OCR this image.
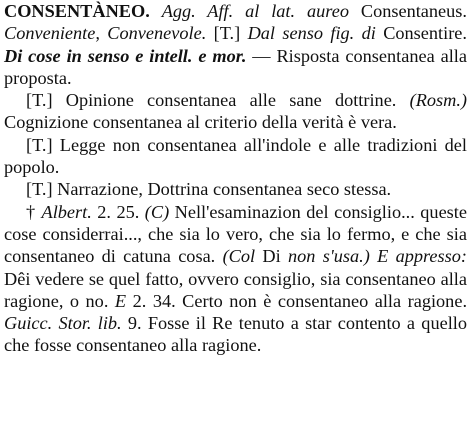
CONSENTÀNEO. Agg. Aff. al lat. aureo Consentaneus. Conveniente, Convenevole. [T.] Dal senso fig. di Consentire. Di cose in senso e intell. e mor. — Risposta consentanea alla proposta.

[T.] Opinione consentanea alle sane dottrine. (Rosm.) Cognizione consentanea al criterio della verità è vera.

[T.] Legge non consentanea all'indole e alle tradizioni del popolo.

[T.] Narrazione, Dottrina consentanea seco stessa.

† Albert. 2. 25. (C) Nell'esaminazion del consiglio... queste cose considerrai..., che sia lo vero, che sia lo fermo, e che sia consentaneo di catuna cosa. (Col Di non s'usa.) E appresso: Dêi vedere se quel fatto, ovvero consiglio, sia consentaneo alla ragione, o no. E 2. 34. Certo non è consentaneo alla ragione. Guicc. Stor. lib. 9. Fosse il Re tenuto a star contento a quello che fosse consentaneo alla ragione.
